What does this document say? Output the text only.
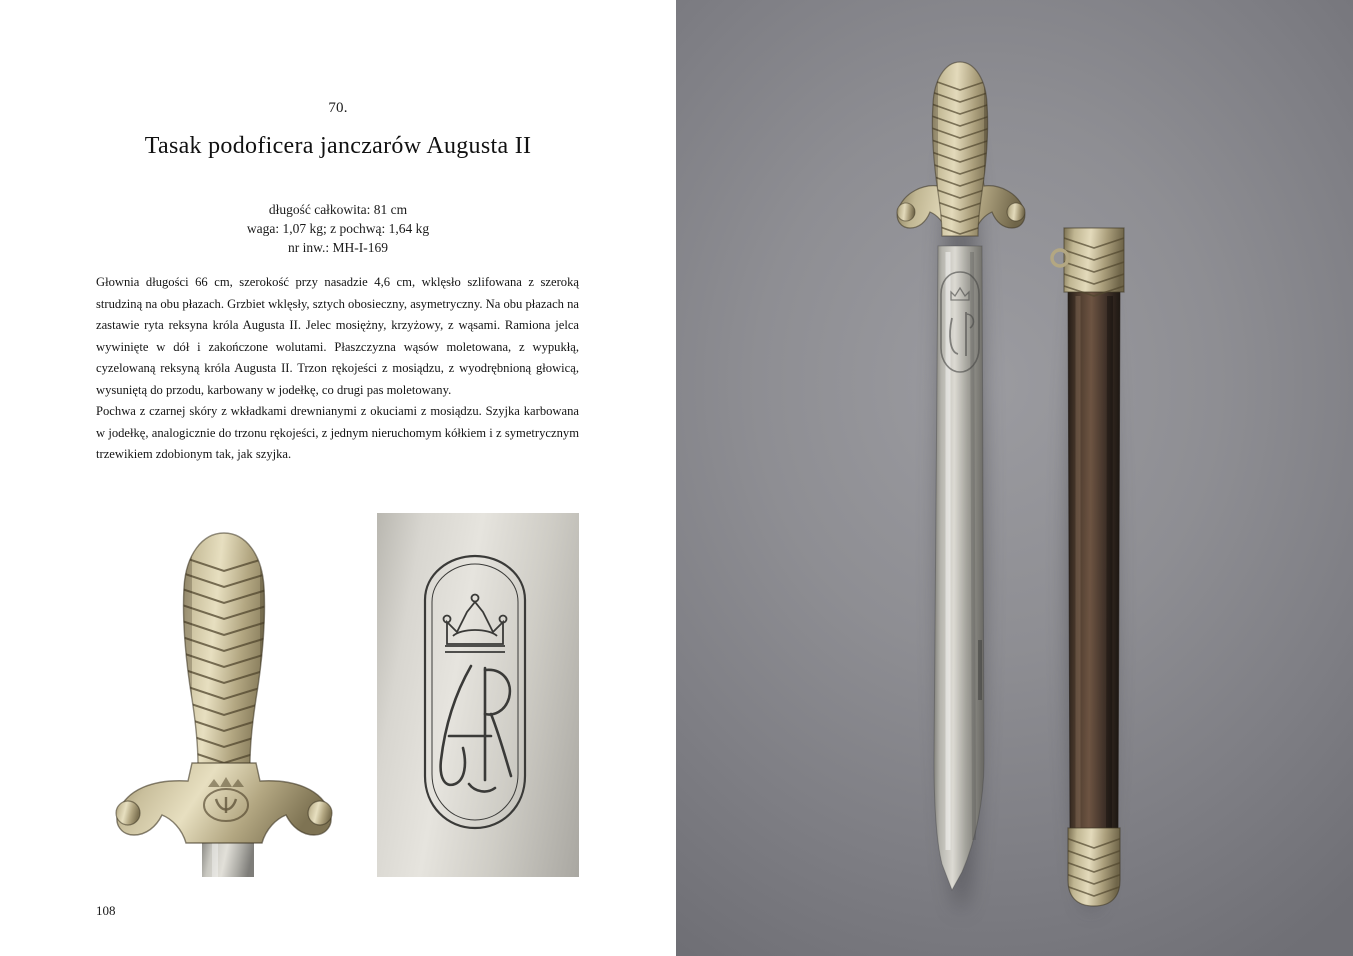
70.
Tasak podoficera janczarów Augusta II
długość całkowita: 81 cm
waga: 1,07 kg; z pochwą: 1,64 kg
nr inw.: MH-I-169

Głownia długości 66 cm, szerokość przy nasadzie 4,6 cm, wklęsło szlifowana z szeroką strudziną na obu płazach. Grzbiet wklęsły, sztych obosieczny, asymetryczny. Na obu płazach na zastawie ryta reksyna króla Augusta II. Jelec mosiężny, krzyżowy, z wąsami. Ramiona jelca wywinięte w dół i zakończone wolutami. Płaszczyzna wąsów moletowana, z wypukłą, cyzelowaną reksyną króla Augusta II. Trzon rękojeści z mosiądzu, z wyodrębnioną głowicą, wysuniętą do przodu, karbowany w jodełkę, co drugi pas moletowany.

Pochwa z czarnej skóry z wkładkami drewnianymi z okuciami z mosiądzu. Szyjka karbowana w jodełkę, analogicznie do trzonu rękojeści, z jednym nieruchomym kółkiem i z symetrycznym trzewikiem zdobionym tak, jak szyjka.

108
